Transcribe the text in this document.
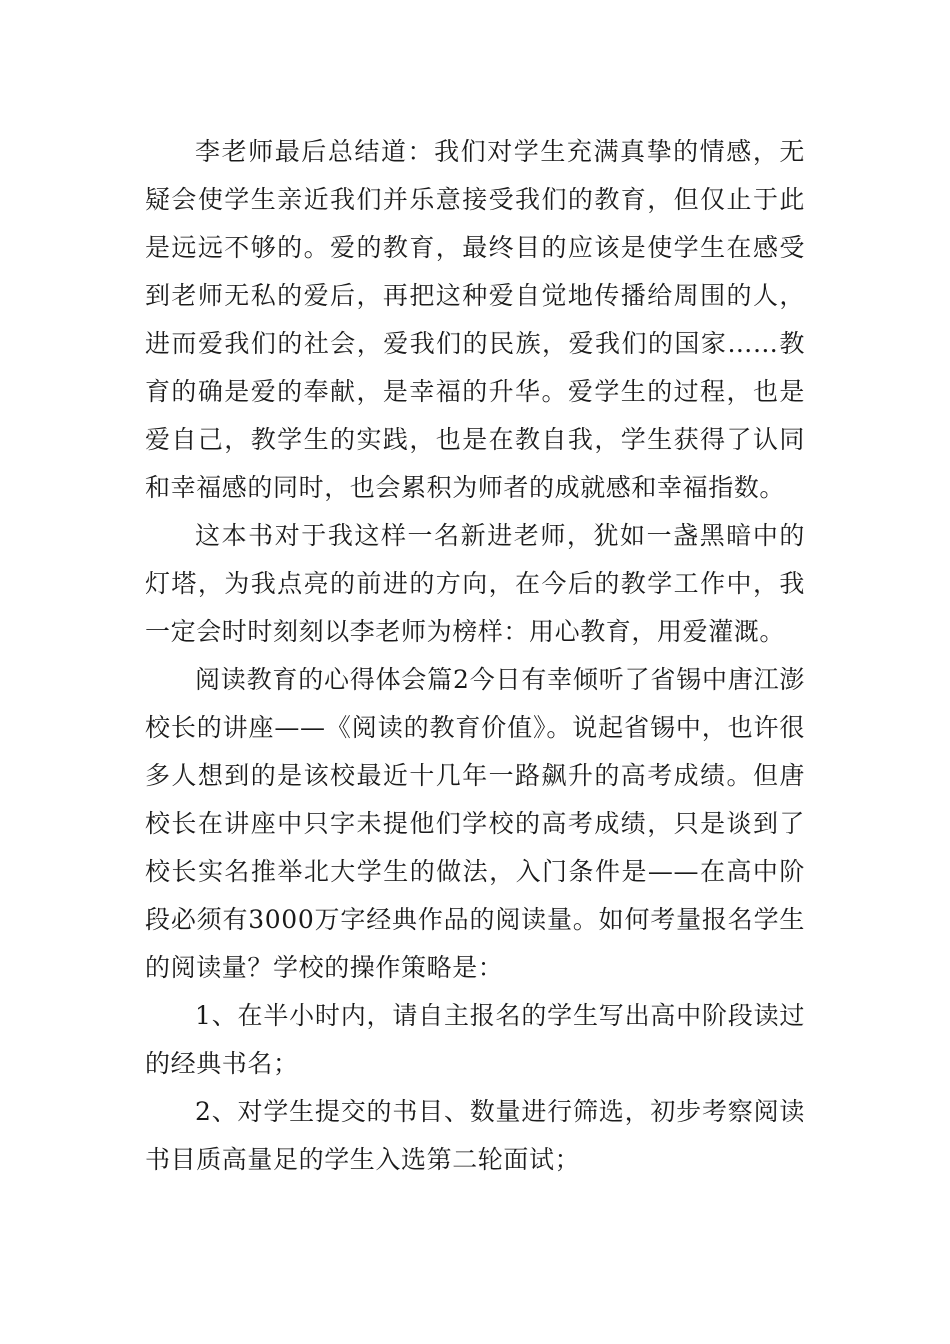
李老师最后总结道：我们对学生充满真挚的情感，无疑会使学生亲近我们并乐意接受我们的教育，但仅止于此是远远不够的。爱的教育，最终目的应该是使学生在感受到老师无私的爱后，再把这种爱自觉地传播给周围的人，进而爱我们的社会，爱我们的民族，爱我们的国家……教育的确是爱的奉献，是幸福的升华。爱学生的过程，也是爱自己，教学生的实践，也是在教自我，学生获得了认同和幸福感的同时，也会累积为师者的成就感和幸福指数。

这本书对于我这样一名新进老师，犹如一盏黑暗中的灯塔，为我点亮的前进的方向，在今后的教学工作中，我一定会时时刻刻以李老师为榜样：用心教育，用爱灌溉。

阅读教育的心得体会篇2今日有幸倾听了省锡中唐江澎校长的讲座——《阅读的教育价值》。说起省锡中，也许很多人想到的是该校最近十几年一路飙升的高考成绩。但唐校长在讲座中只字未提他们学校的高考成绩，只是谈到了校长实名推举北大学生的做法，入门条件是——在高中阶段必须有3000万字经典作品的阅读量。如何考量报名学生的阅读量？学校的操作策略是：

1、在半小时内，请自主报名的学生写出高中阶段读过的经典书名；

2、对学生提交的书目、数量进行筛选，初步考察阅读书目质高量足的学生入选第二轮面试；
